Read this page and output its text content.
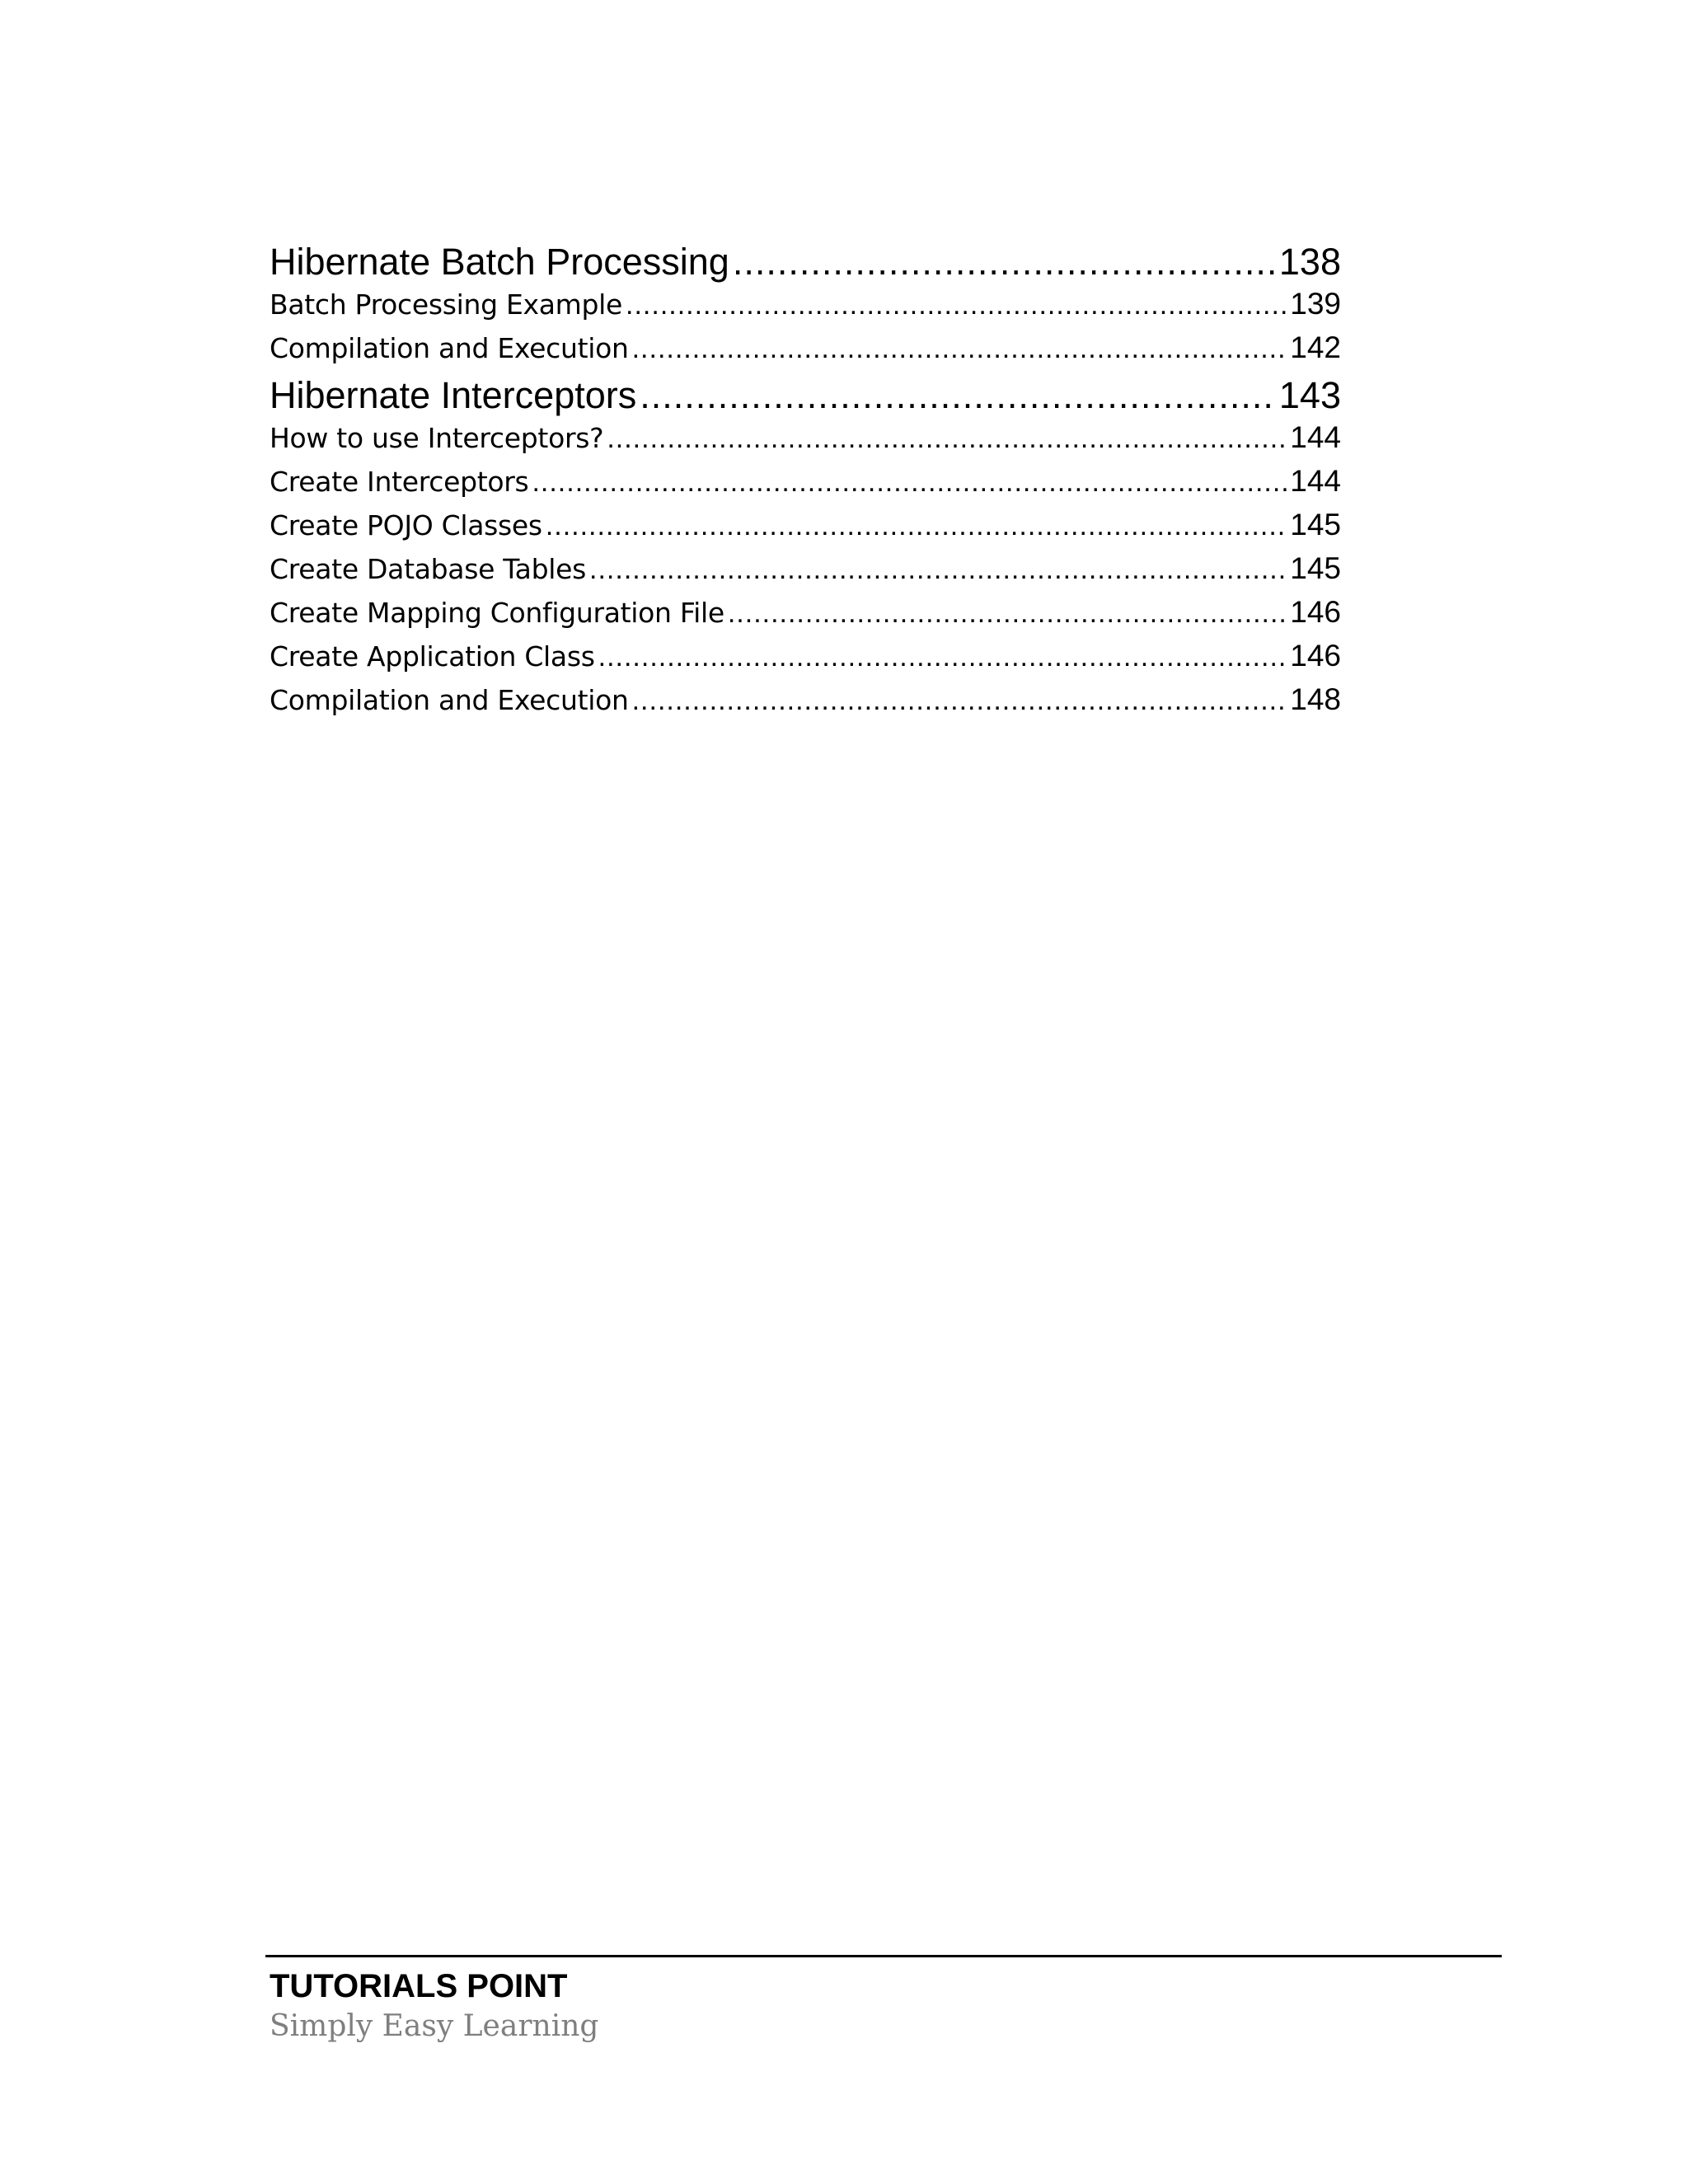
Hibernate Batch Processing .....	138
Batch Processing Example .....	139
Compilation and Execution .....	142
Hibernate Interceptors .....	143
How to use Interceptors? .....	144
Create Interceptors .....	144
Create POJO Classes .....	145
Create Database Tables .....	145
Create Mapping Configuration File .....	146
Create Application Class .....	146
Compilation and Execution .....	148
TUTORIALS POINT
Simply Easy Learning
